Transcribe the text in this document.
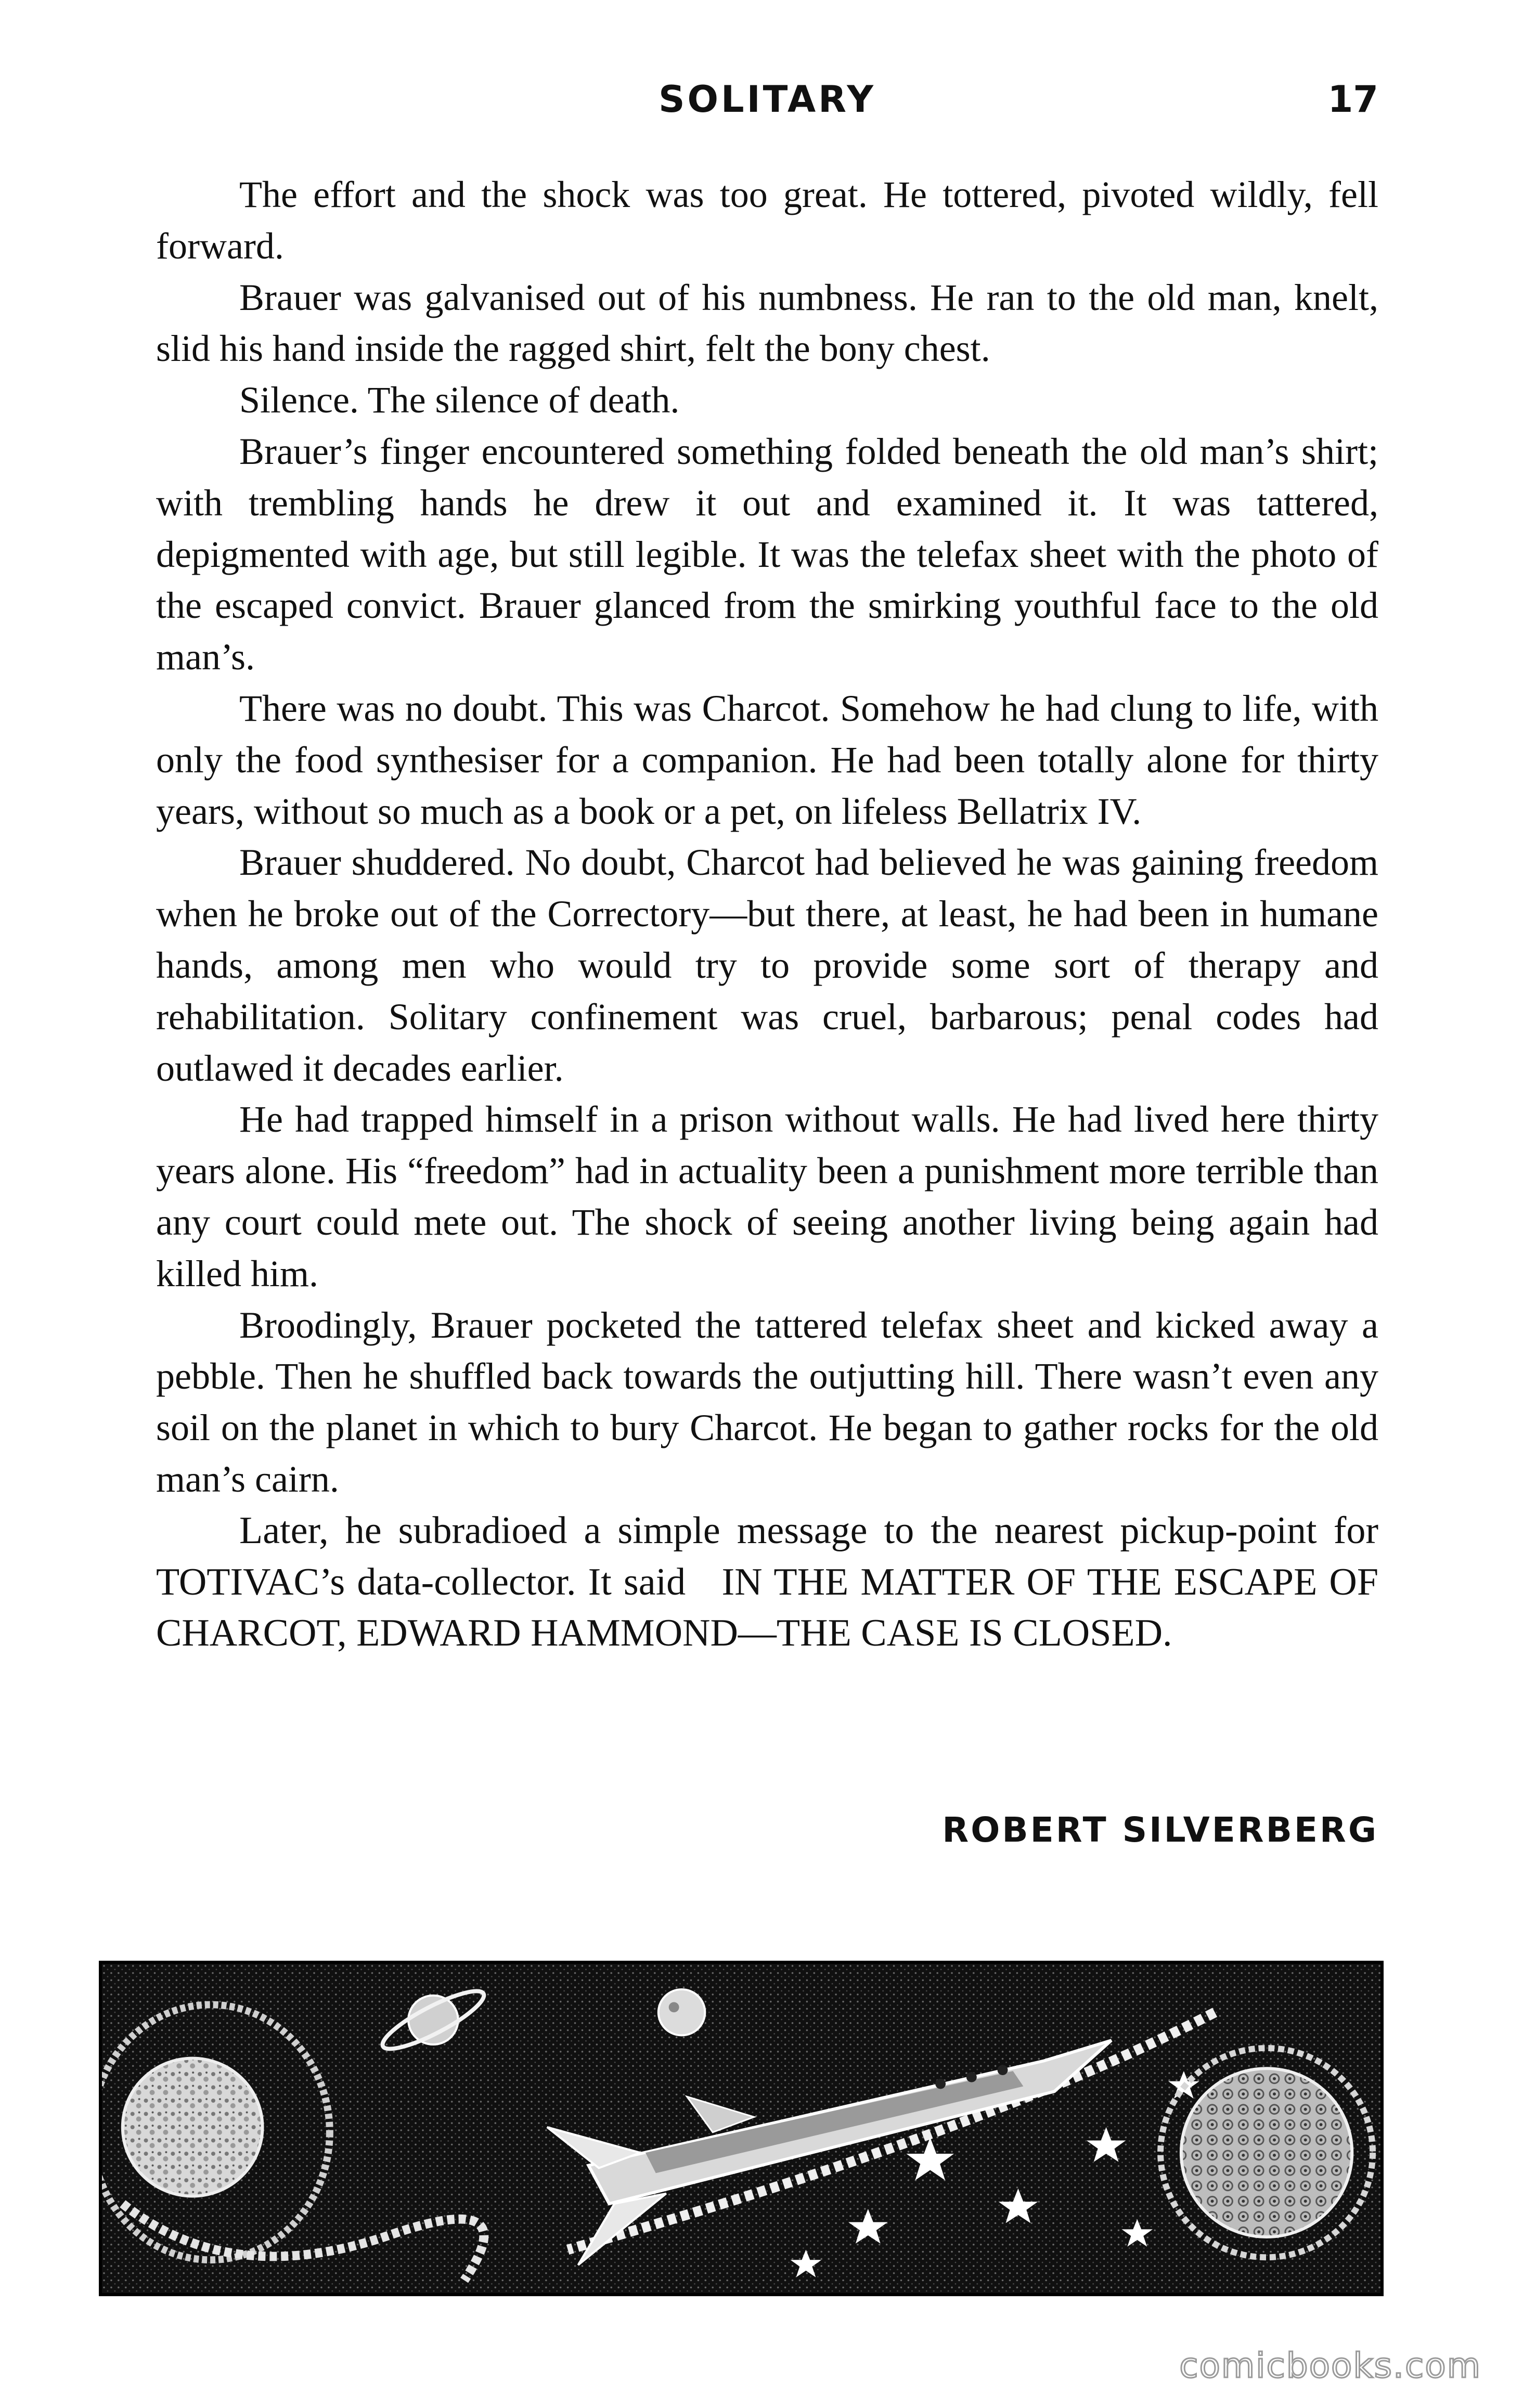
SOLITARY	17

The effort and the shock was too great. He tottered, pivoted wildly, fell forward.

Brauer was galvanised out of his numbness. He ran to the old man, knelt, slid his hand inside the ragged shirt, felt the bony chest.

Silence. The silence of death.

Brauer’s finger encountered something folded beneath the old man’s shirt; with trembling hands he drew it out and examined it. It was tattered, depigmented with age, but still legible. It was the telefax sheet with the photo of the escaped convict. Brauer glanced from the smirking youthful face to the old man’s.

There was no doubt. This was Charcot. Somehow he had clung to life, with only the food synthesiser for a companion. He had been totally alone for thirty years, without so much as a book or a pet, on lifeless Bellatrix IV.

Brauer shuddered. No doubt, Charcot had believed he was gaining freedom when he broke out of the Correctory—but there, at least, he had been in humane hands, among men who would try to provide some sort of therapy and rehabilitation. Solitary confinement was cruel, barbarous; penal codes had outlawed it decades earlier.

He had trapped himself in a prison without walls. He had lived here thirty years alone. His “freedom” had in actuality been a punishment more terrible than any court could mete out. The shock of seeing another living being again had killed him.

Broodingly, Brauer pocketed the tattered telefax sheet and kicked away a pebble. Then he shuffled back towards the outjutting hill. There wasn’t even any soil on the planet in which to bury Charcot. He began to gather rocks for the old man’s cairn.

Later, he subradioed a simple message to the nearest pickup-point for TOTIVAC’s data-collector. It said IN THE MATTER OF THE ESCAPE OF CHARCOT, EDWARD HAMMOND—THE CASE IS CLOSED.

ROBERT SILVERBERG
comicbooks.com
